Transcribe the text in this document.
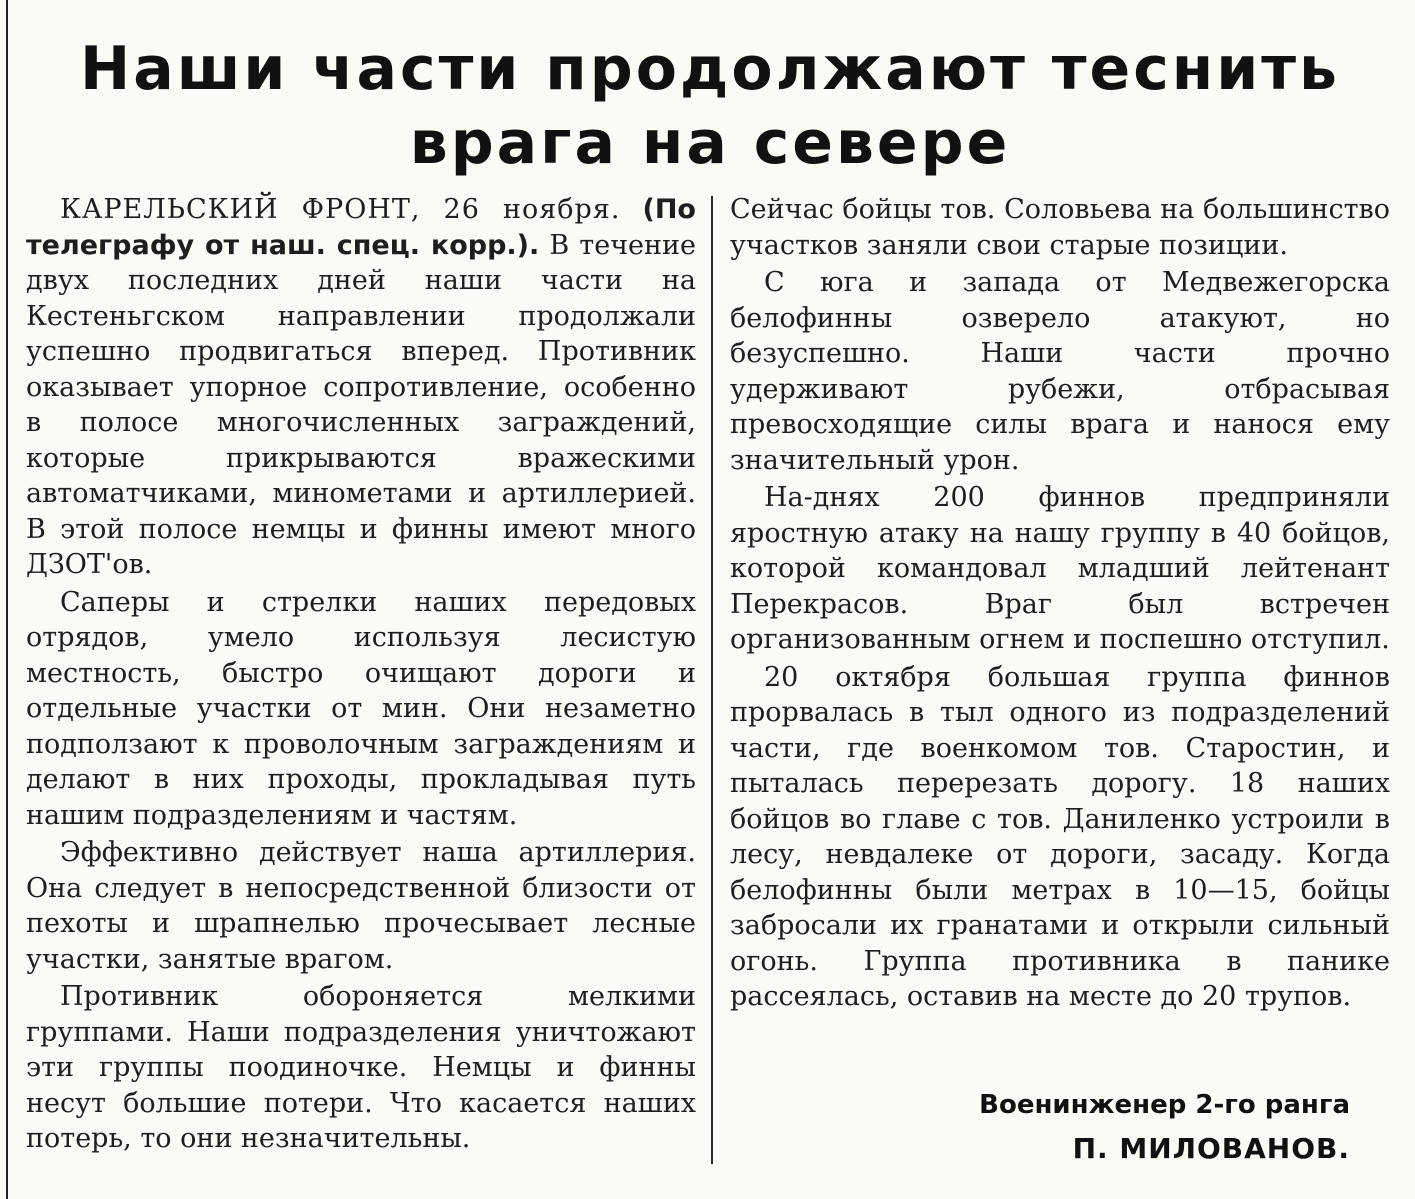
Наши части продолжают теснить
врага на севере

КАРЕЛЬСКИЙ ФРОНТ, 26 ноября. (По телеграфу от наш. спец. корр.). В течение двух последних дней наши части на Кестеньгском направлении продолжали успешно продвигаться вперед. Противник оказывает упорное сопротивление, особенно в полосе многочисленных заграждений, которые прикрываются вражескими автоматчиками, минометами и артиллерией. В этой полосе немцы и финны имеют много ДЗОТ'ов.

Саперы и стрелки наших передовых отрядов, умело используя лесистую местность, быстро очищают дороги и отдельные участки от мин. Они незаметно подползают к проволочным заграждениям и делают в них проходы, прокладывая путь нашим подразделениям и частям.

Эффективно действует наша артиллерия. Она следует в непосредственной близости от пехоты и шрапнелью прочесывает лесные участки, занятые врагом.

Противник обороняется мелкими группами. Наши подразделения уничтожают эти группы поодиночке. Немцы и финны несут большие потери. Что касается наших потерь, то они незначительны.

Сейчас бойцы тов. Соловьева на большинство участков заняли свои старые позиции.

С юга и запада от Медвежегорска белофинны озверело атакуют, но безуспешно. Наши части прочно удерживают рубежи, отбрасывая превосходящие силы врага и нанося ему значительный урон.

На-днях 200 финнов предприняли яростную атаку на нашу группу в 40 бойцов, которой командовал младший лейтенант Перекрасов. Враг был встречен организованным огнем и поспешно отступил.

20 октября большая группа финнов прорвалась в тыл одного из подразделений части, где военкомом тов. Старостин, и пыталась перерезать дорогу. 18 наших бойцов во главе с тов. Даниленко устроили в лесу, невдалеке от дороги, засаду. Когда белофинны были метрах в 10—15, бойцы забросали их гранатами и открыли сильный огонь. Группа противника в панике рассеялась, оставив на месте до 20 трупов.

Военинженер 2-го ранга
П. МИЛОВАНОВ.
